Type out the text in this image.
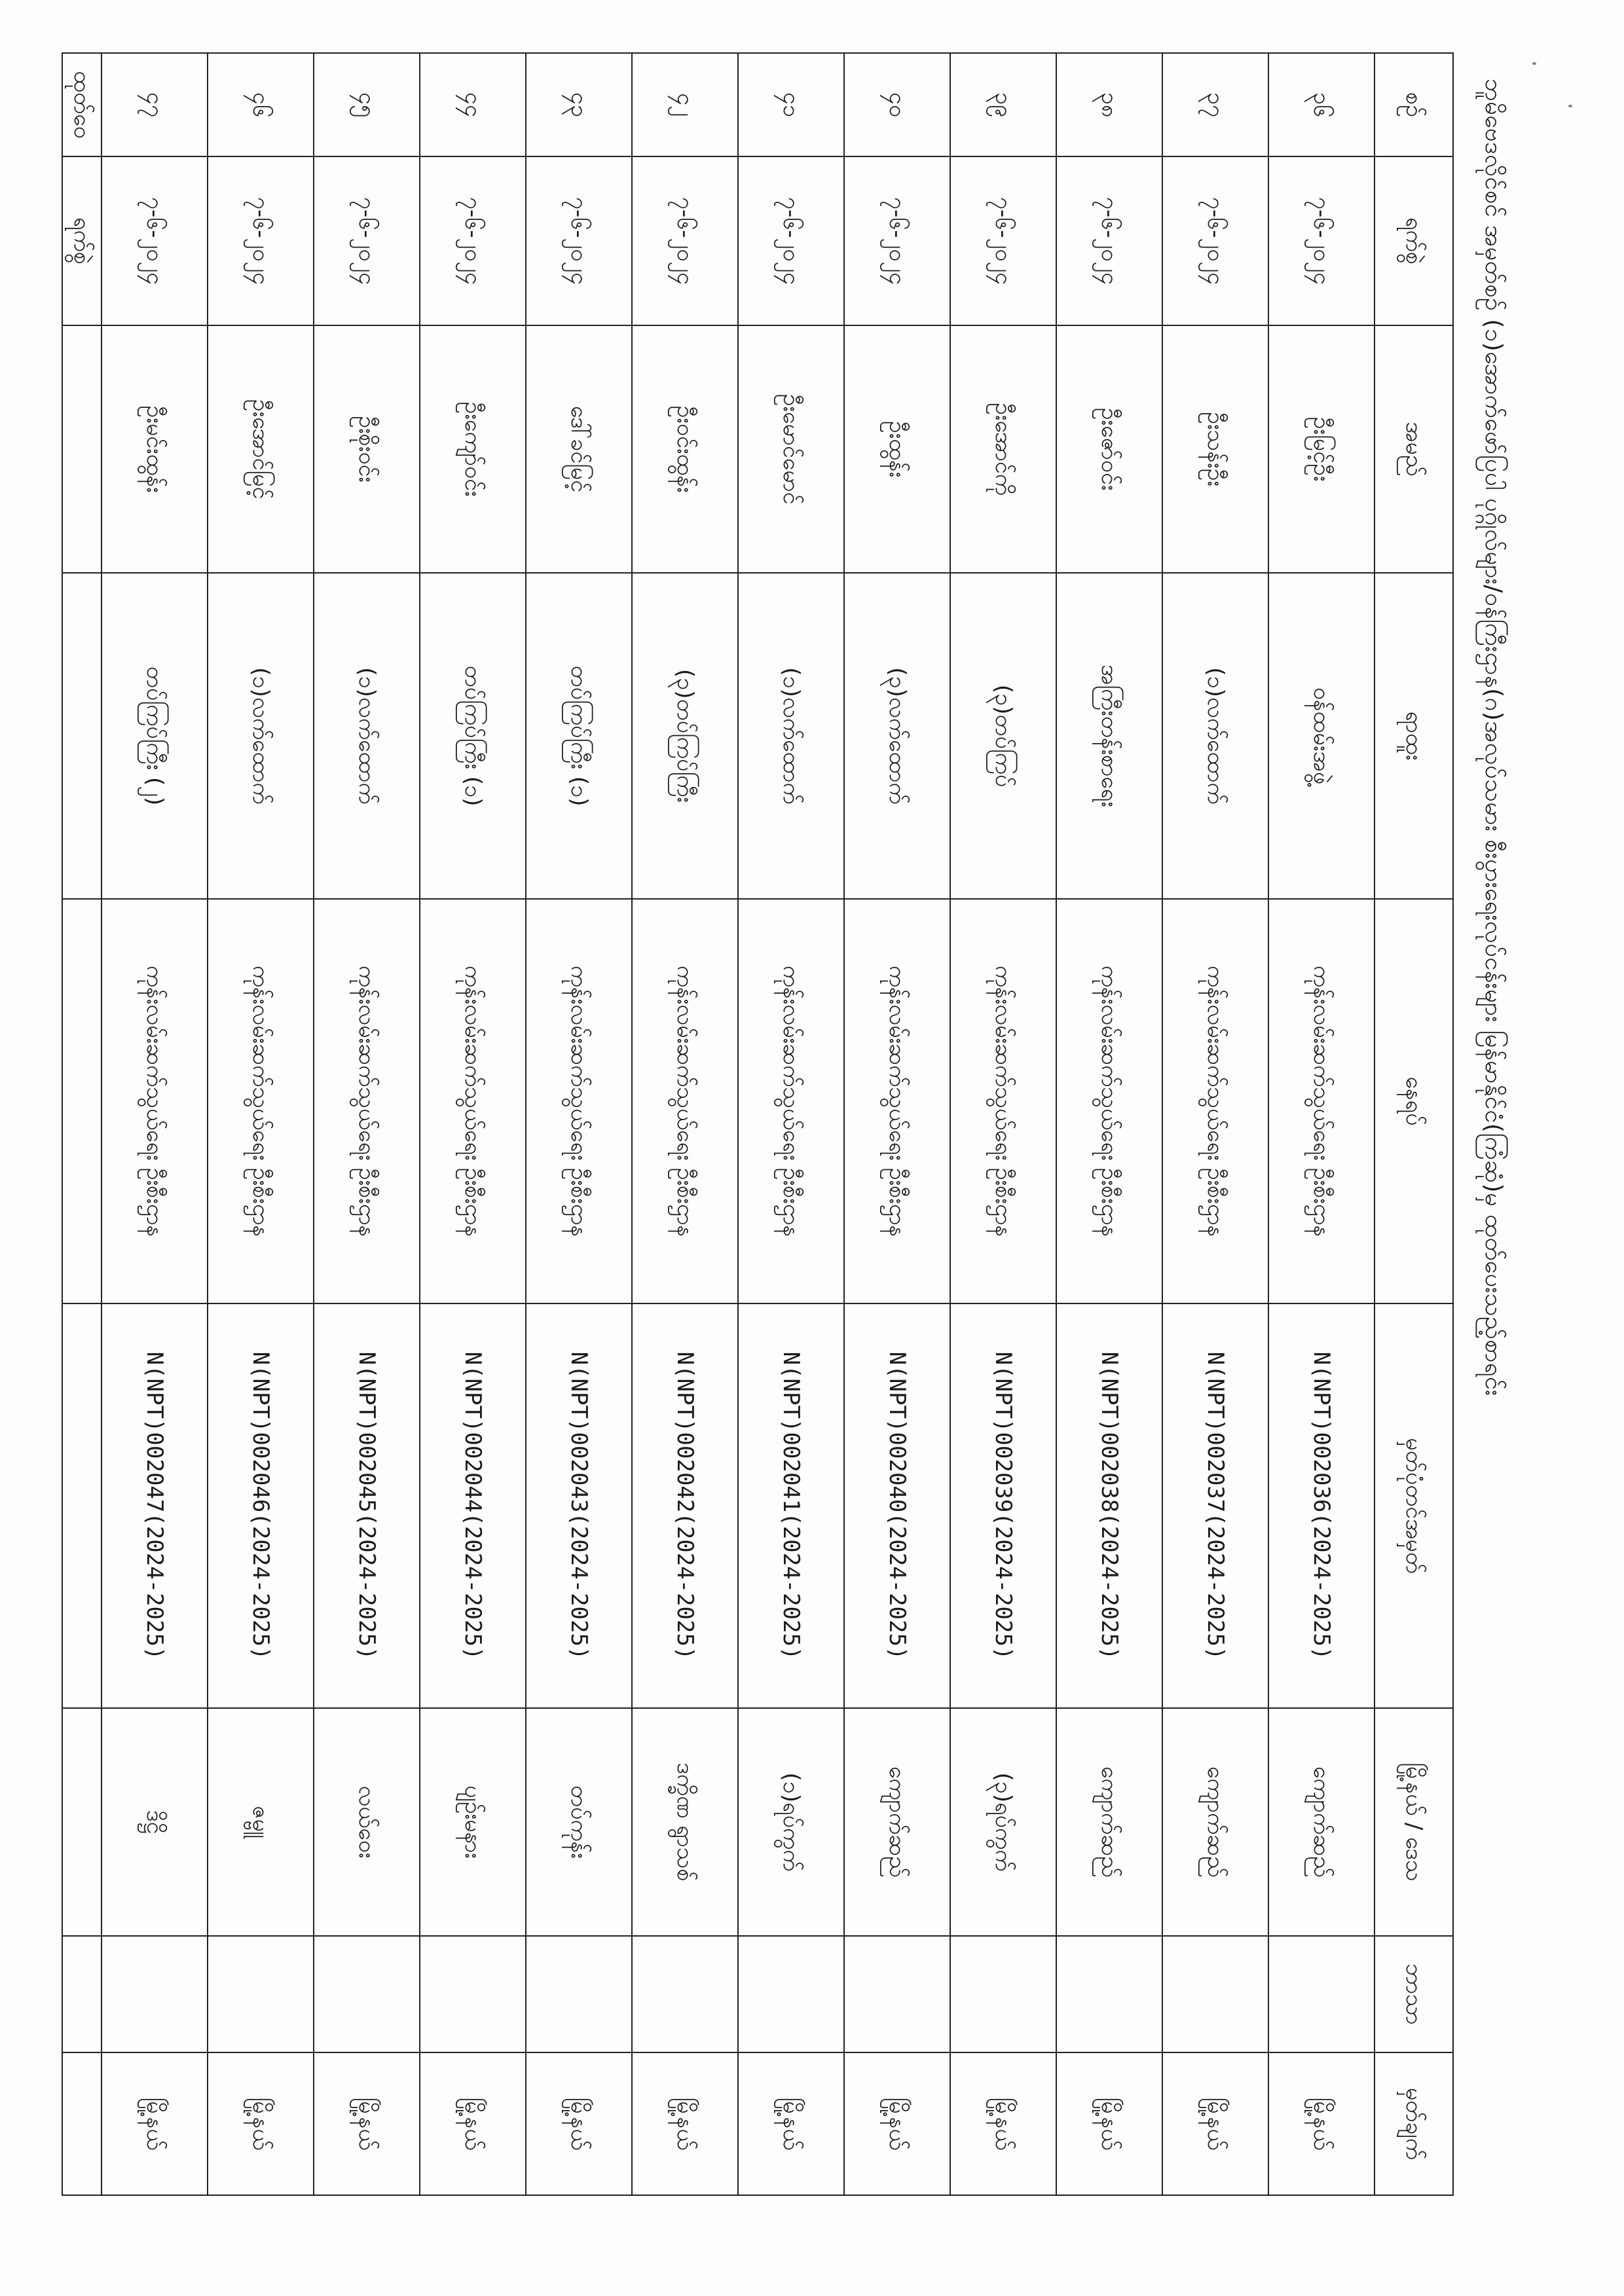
ဘူမိဗေဒလိုင်စင် အမှတ်စဉ် (၁)အောက်ဖော်ပြပါ ပုဂ္ဂိုလ်များ/ဝန်ကြီးဌာန(ဂ)အလုပ်သမား စီးပွားရေးလုပ်ငန်းများ မြန်မာနိုင်ငံ(ကြံဆုံ)မှ ထုတ်ပေးသည့်စာရင်း
စဉ်	ရက်စွဲ	အမည်	ရာထူး	နေရပ်	မှတ်ပုံတင်အမှတ်	မြို့နယ် / ဒေသ	ဘာသာ	မှတ်ချက်
၃၆	၇-၆-၂၀၂၄	ဦးမြင့်ဦး	ဝန်ထမ်းအဖွဲ့	ကုန်းလမ်းဆက်သွယ်ရေး ဦးစီးဌာန	N(NPT)002036(2024-2025)	ကျောက်ဆည်		မြို့နယ်
၃၇	၇-၆-၂၀၂၄	ဦးသန်းဦး	(၁)လက်ထောက်	ကုန်းလမ်းဆက်သွယ်ရေး ဦးစီးဌာန	N(NPT)002037(2024-2025)	ကျောက်ဆည်		မြို့နယ်
၃၈	၇-၆-၂၀၂၄	ဦးဇော်ဝင်း	အကြီးတန်းစာရေး	ကုန်းလမ်းဆက်သွယ်ရေး ဦးစီးဌာန	N(NPT)002038(2024-2025)	ကျောက်ဆည်		မြို့နယ်
၃၉	၇-၆-၂၀၂၄	ဦးအောင်ကို	(၃)တပ်ကြပ်	ကုန်းလမ်းဆက်သွယ်ရေး ဦးစီးဌာန	N(NPT)002039(2024-2025)	(၃)ရပ်ကွက်		မြို့နယ်
၄၀	၇-၆-၂၀၂၄	ဦးထွန်း	(၃)လက်ထောက်	ကုန်းလမ်းဆက်သွယ်ရေး ဦးစီးဌာန	N(NPT)002040(2024-2025)	ကျောက်ဆည်		မြို့နယ်
၄၁	၇-၆-၂၀၂၄	ဦးမောင်မောင်	(၁)လက်ထောက်	ကုန်းလမ်းဆက်သွယ်ရေး ဦးစီးဌာန	N(NPT)002041(2024-2025)	(၁)ရပ်ကွက်		မြို့နယ်
၄၂	၇-၆-၂၀၂၄	ဦးဝင်းထွန်း	(၃)တပ်ကြပ်ကြီး	ကုန်းလမ်းဆက်သွယ်ရေး ဦးစီးဌာန	N(NPT)002042(2024-2025)	ဒက္ခိဏ ရွာသစ်		မြို့နယ်
၄၃	၇-၆-၂၀၂၄	ဒေါ်ခင်မြင့်	တပ်ကြပ်ကြီး (၁)	ကုန်းလမ်းဆက်သွယ်ရေး ဦးစီးဌာန	N(NPT)002043(2024-2025)	တပ်ကုန်း		မြို့နယ်
၄၄	၇-၆-၂၀၂၄	ဦးကျော်ဝင်း	တပ်ကြပ်ကြီး (၁)	ကုန်းလမ်းဆက်သွယ်ရေး ဦးစီးဌာန	N(NPT)002044(2024-2025)	ပျဉ်းမနား		မြို့နယ်
၄၅	၇-၆-၂၀၂၄	ဦးစိုးဝင်း	(၁)လက်ထောက်	ကုန်းလမ်းဆက်သွယ်ရေး ဦးစီးဌာန	N(NPT)002045(2024-2025)	လယ်ဝေး		မြို့နယ်
၄၆	၇-၆-၂၀၂၄	ဦးအောင်မြင့်	(၁)လက်ထောက်	ကုန်းလမ်းဆက်သွယ်ရေး ဦးစီးဌာန	N(NPT)002046(2024-2025)	ဇမ္ဗူ		မြို့နယ်
၄၇	၇-၆-၂၀၂၄	ဦးမင်းထွန်း	တပ်ကြပ်ကြီး (၂)	ကုန်းလမ်းဆက်သွယ်ရေး ဦးစီးဌာန	N(NPT)002047(2024-2025)	ဒိဋ္ဌိ		မြို့နယ်
ထုတ်ဝေ	ရက်စွဲ							
